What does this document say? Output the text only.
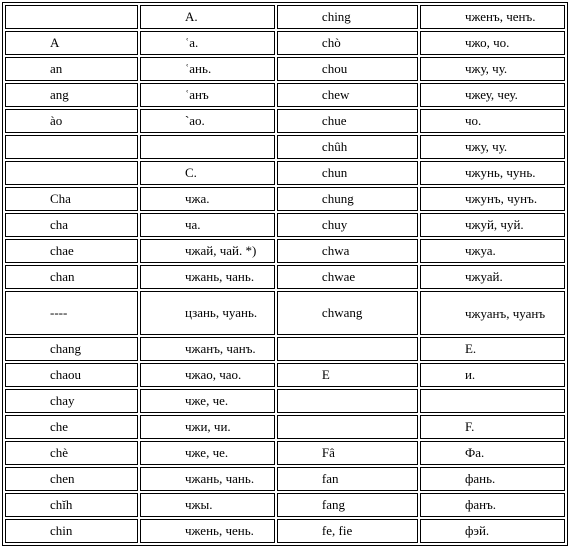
	A.	ching	чженъ, ченъ.
A	ʿа.	chò	чжо, чо.
an	ʿань.	chou	чжу, чу.
ang	ʿанъ	chew	чжеу, чеу.
ào	`ао.	chue	чо.
		chûh	чжу, чу.
	C.	chun	чжунь, чунь.
Cha	чжа.	chung	чжунъ, чунъ.
cha	ча.	chuy	чжуй, чуй.
chae	чжай, чай. *)	chwa	чжуа.
chan	чжань, чань.	chwae	чжуай.
----	цзань, чуань.	chwang	чжуанъ, чуанъ
chang	чжанъ, чанъ.		E.
chaou	чжао, чао.	E	и.
chay	чже, че.		
che	чжи, чи.		F.
chè	чже, че.	Fâ	Фа.
chen	чжань, чань.	fan	фань.
chĭh	чжы.	fang	фанъ.
chin	чжень, чень.	fe, fie	фэй.
